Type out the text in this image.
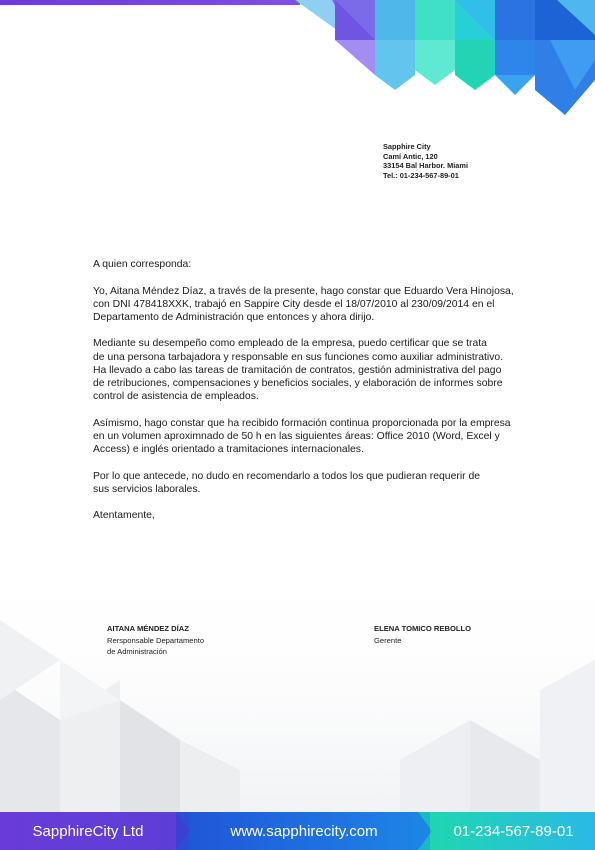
Sapphire City
Camí Antic, 120
33154 Bal Harbor. Miami
Tel.: 01-234-567-89-01

A quien corresponda:

Yo, Aitana Méndez Díaz, a través de la presente, hago constar que Eduardo Vera Hinojosa,
con DNI 478418XXK, trabajó en Sappire City desde el 18/07/2010 al 230/09/2014 en el
Departamento de Administración que entonces y ahora dirijo.

Mediante su desempeño como empleado de la empresa, puedo certificar que se trata
de una persona tarbajadora y responsable en sus funciones como auxiliar administrativo.
Ha llevado a cabo las tareas de tramitación de contratos, gestión administrativa del pago
de retribuciones, compensaciones y beneficios sociales, y elaboración de informes sobre
control de asistencia de empleados.

Asímismo, hago constar que ha recibido formación continua proporcionada por la empresa
en un volumen aproximnado de 50 h en las siguientes áreas: Office 2010 (Word, Excel y
Access) e inglés orientado a tramitaciones internacionales.

Por lo que antecede, no dudo en recomendarlo a todos los que pudieran requerir de
sus servicios laborales.

Atentamente,

AITANA MÉNDEZ DÍAZ
Rersponsable Departamento
de Administración
ELENA TOMICO REBOLLO
Gerente
SapphireCity Ltd	www.sapphirecity.com	01-234-567-89-01
